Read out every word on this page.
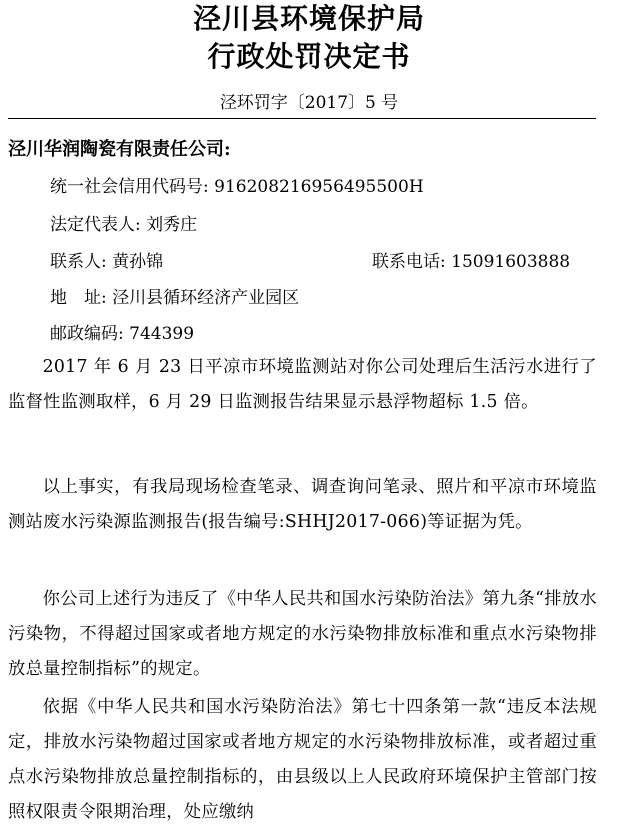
泾川县环境保护局
行政处罚决定书
泾环罚字〔2017〕5 号
泾川华润陶瓷有限责任公司:
统一社会信用代码号: 916208216956495500H
法定代表人: 刘秀庄
联系人: 黄孙锦	联系电话: 15091603888
地　址: 泾川县循环经济产业园区
邮政编码: 744399

2017 年 6 月 23 日平凉市环境监测站对你公司处理后生活污水进行了监督性监测取样，6 月 29 日监测报告结果显示悬浮物超标 1.5 倍。

以上事实，有我局现场检查笔录、调查询问笔录、照片和平凉市环境监测站废水污染源监测报告(报告编号:SHHJ2017-066)等证据为凭。

你公司上述行为违反了《中华人民共和国水污染防治法》第九条“排放水污染物，不得超过国家或者地方规定的水污染物排放标准和重点水污染物排放总量控制指标”的规定。

依据《中华人民共和国水污染防治法》第七十四条第一款“违反本法规定，排放水污染物超过国家或者地方规定的水污染物排放标准，或者超过重点水污染物排放总量控制指标的，由县级以上人民政府环境保护主管部门按照权限责令限期治理，处应缴纳
